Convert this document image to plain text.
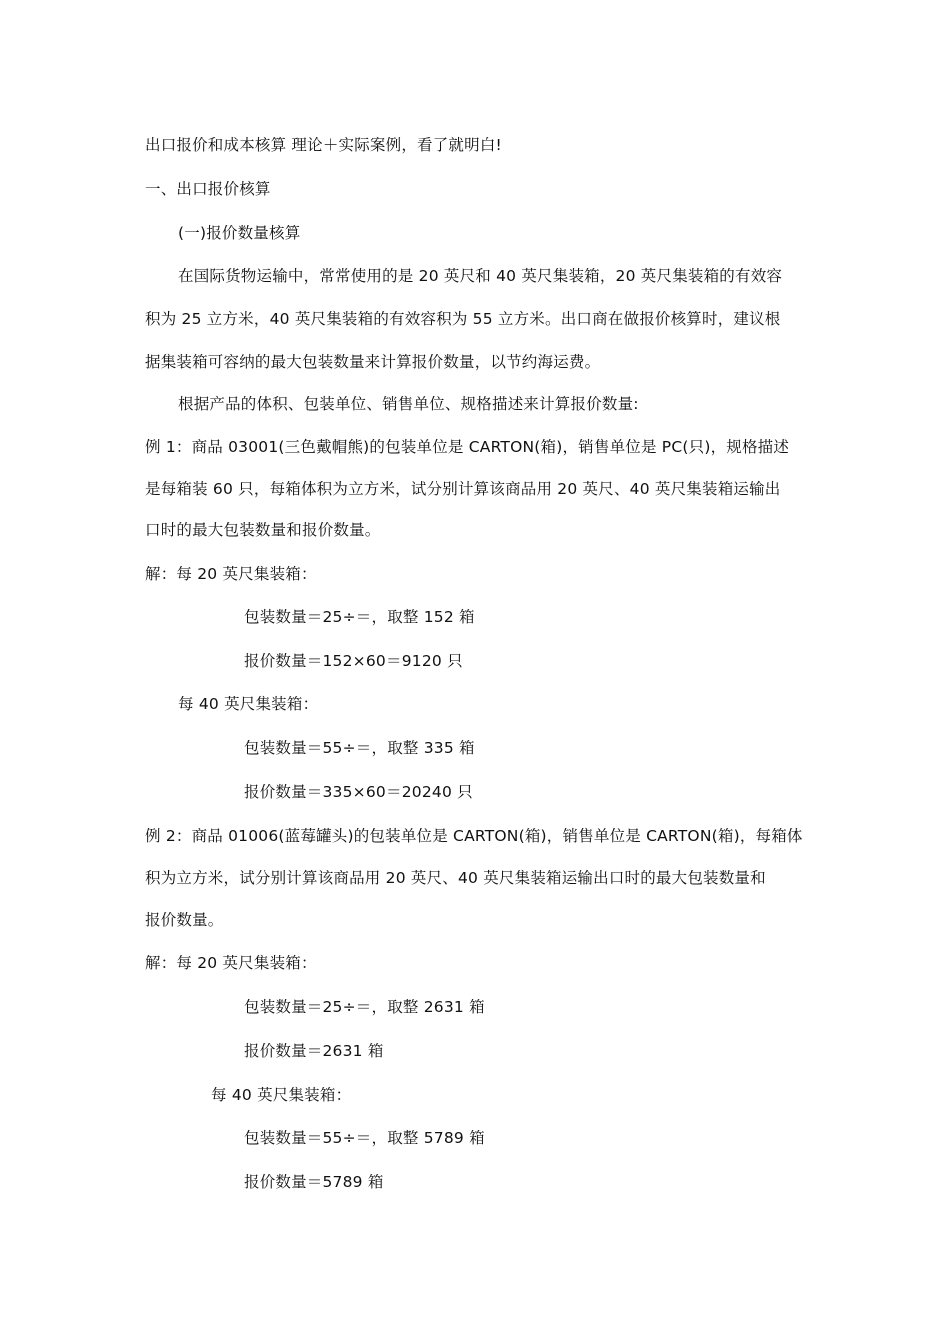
出口报价和成本核算 理论＋实际案例，看了就明白!
一、出口报价核算
(一)报价数量核算
在国际货物运输中，常常使用的是 20 英尺和 40 英尺集装箱，20 英尺集装箱的有效容
积为 25 立方米，40 英尺集装箱的有效容积为 55 立方米。出口商在做报价核算时，建议根
据集装箱可容纳的最大包装数量来计算报价数量，以节约海运费。
根据产品的体积、包装单位、销售单位、规格描述来计算报价数量:
例 1：商品 03001(三色戴帽熊)的包装单位是 CARTON(箱)，销售单位是 PC(只)，规格描述
是每箱装 60 只，每箱体积为立方米，试分别计算该商品用 20 英尺、40 英尺集装箱运输出
口时的最大包装数量和报价数量。
解：每 20 英尺集装箱：
包装数量＝25÷＝，取整 152 箱
报价数量＝152×60＝9120 只
每 40 英尺集装箱：
包装数量＝55÷＝，取整 335 箱
报价数量＝335×60＝20240 只
例 2：商品 01006(蓝莓罐头)的包装单位是 CARTON(箱)，销售单位是 CARTON(箱)，每箱体
积为立方米，试分别计算该商品用 20 英尺、40 英尺集装箱运输出口时的最大包装数量和
报价数量。
解：每 20 英尺集装箱：
包装数量＝25÷＝，取整 2631 箱
报价数量＝2631 箱
每 40 英尺集装箱：
包装数量＝55÷＝，取整 5789 箱
报价数量＝5789 箱
